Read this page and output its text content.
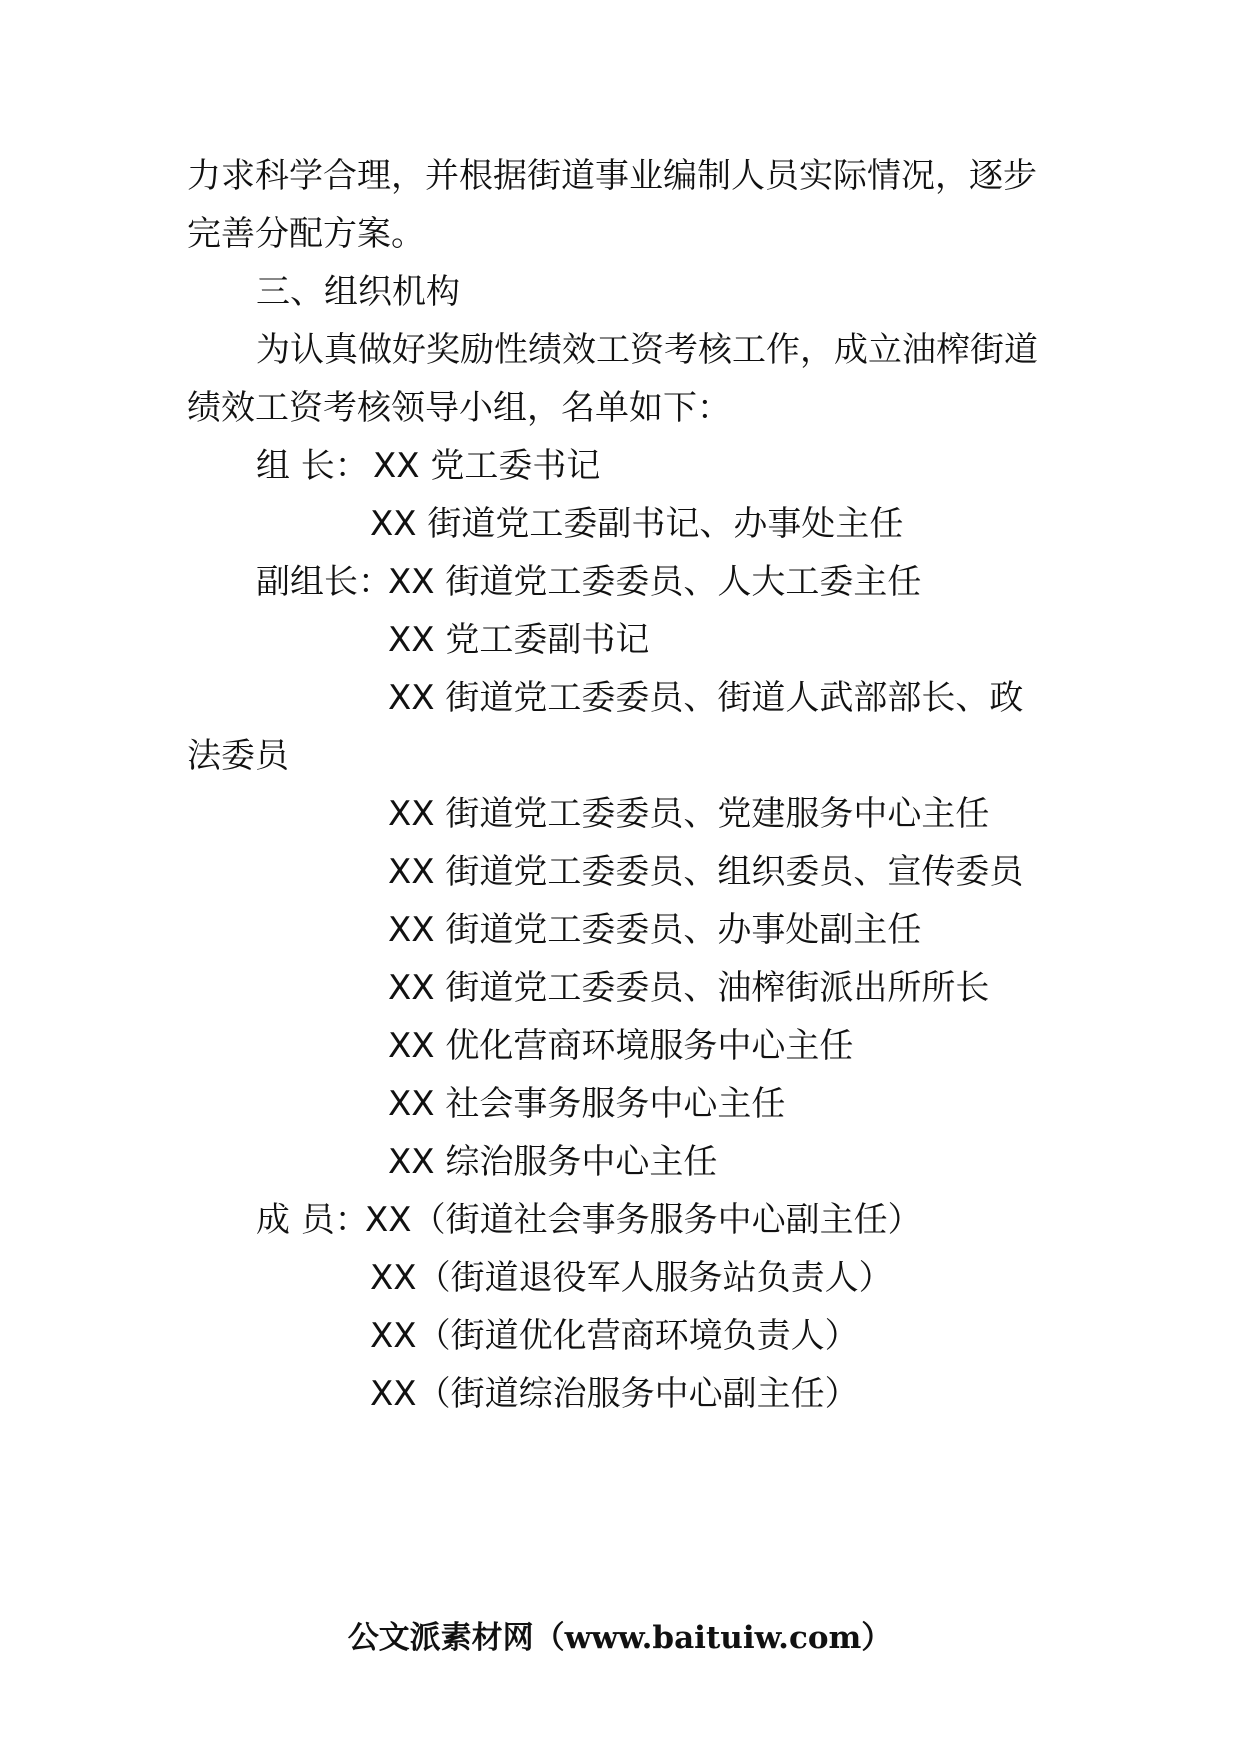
力求科学合理，并根据街道事业编制人员实际情况，逐步
完善分配方案。
三、组织机构
为认真做好奖励性绩效工资考核工作，成立油榨街道
绩效工资考核领导小组，名单如下：
组 长： XX 党工委书记
XX 街道党工委副书记、办事处主任
副组长：
XX 街道党工委委员、人大工委主任
XX 党工委副书记
XX 街道党工委委员、街道人武部部长、政
法委员
XX 街道党工委委员、党建服务中心主任
XX 街道党工委委员、组织委员、宣传委员
XX 街道党工委委员、办事处副主任
XX 街道党工委委员、油榨街派出所所长
XX 优化营商环境服务中心主任
XX 社会事务服务中心主任
XX 综治服务中心主任
成 员：
XX（街道社会事务服务中心副主任）
XX（街道退役军人服务站负责人）
XX（街道优化营商环境负责人）
XX（街道综治服务中心副主任）
公文派素材网（www.baituiw.com）
